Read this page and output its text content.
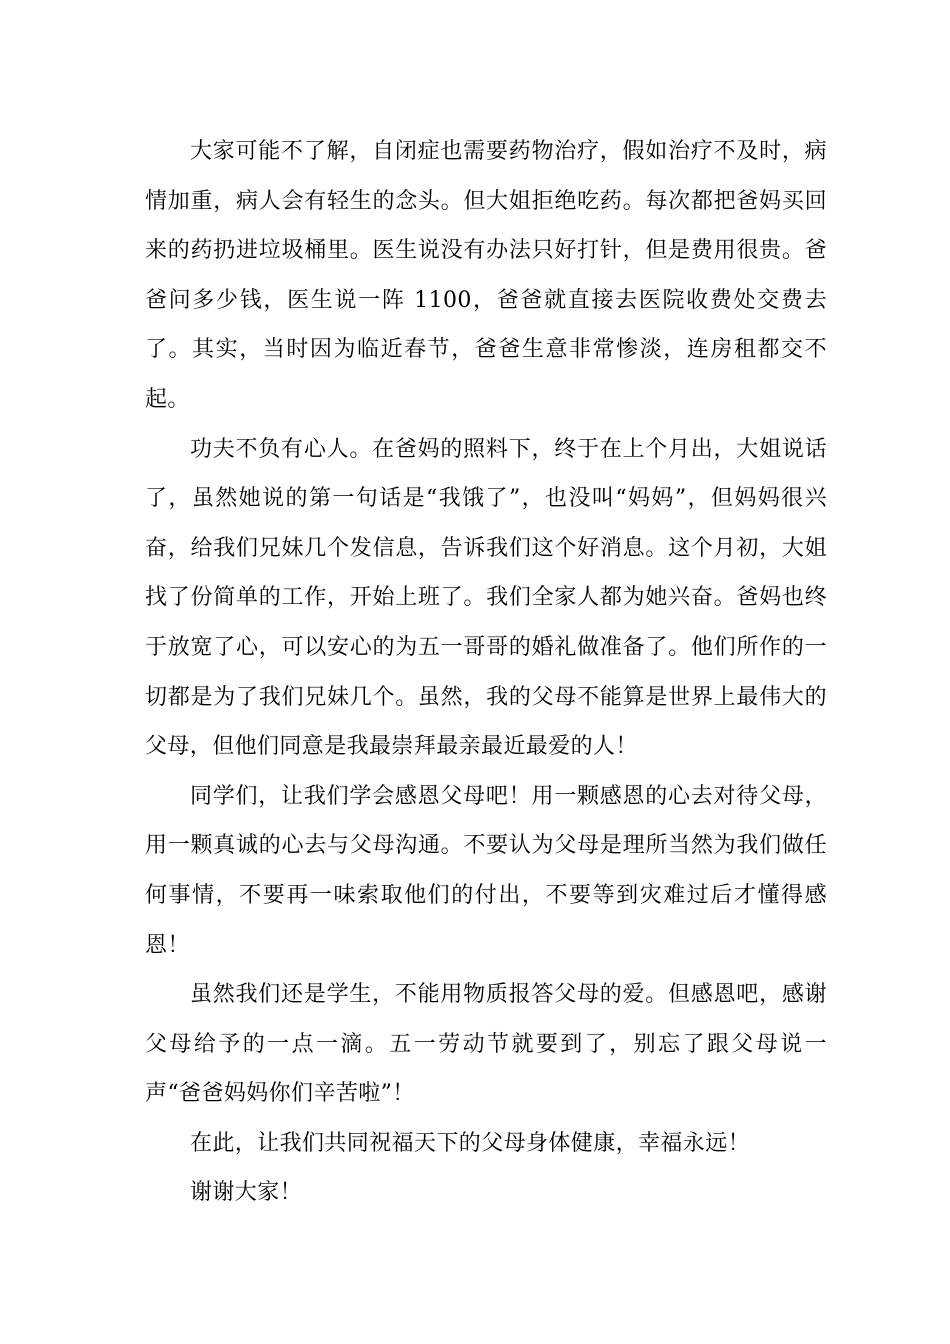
大家可能不了解，自闭症也需要药物治疗，假如治疗不及时，病情加重，病人会有轻生的念头。但大姐拒绝吃药。每次都把爸妈买回来的药扔进垃圾桶里。医生说没有办法只好打针，但是费用很贵。爸爸问多少钱，医生说一阵 1100，爸爸就直接去医院收费处交费去了。其实，当时因为临近春节，爸爸生意非常惨淡，连房租都交不起。

功夫不负有心人。在爸妈的照料下，终于在上个月出，大姐说话了，虽然她说的第一句话是“我饿了”，也没叫“妈妈”，但妈妈很兴奋，给我们兄妹几个发信息，告诉我们这个好消息。这个月初，大姐找了份简单的工作，开始上班了。我们全家人都为她兴奋。爸妈也终于放宽了心，可以安心的为五一哥哥的婚礼做准备了。他们所作的一切都是为了我们兄妹几个。虽然，我的父母不能算是世界上最伟大的父母，但他们同意是我最崇拜最亲最近最爱的人！

同学们，让我们学会感恩父母吧！用一颗感恩的心去对待父母，用一颗真诚的心去与父母沟通。不要认为父母是理所当然为我们做任何事情，不要再一味索取他们的付出，不要等到灾难过后才懂得感恩！

虽然我们还是学生，不能用物质报答父母的爱。但感恩吧，感谢父母给予的一点一滴。五一劳动节就要到了，别忘了跟父母说一声“爸爸妈妈你们辛苦啦”！

在此，让我们共同祝福天下的父母身体健康，幸福永远！

谢谢大家！
